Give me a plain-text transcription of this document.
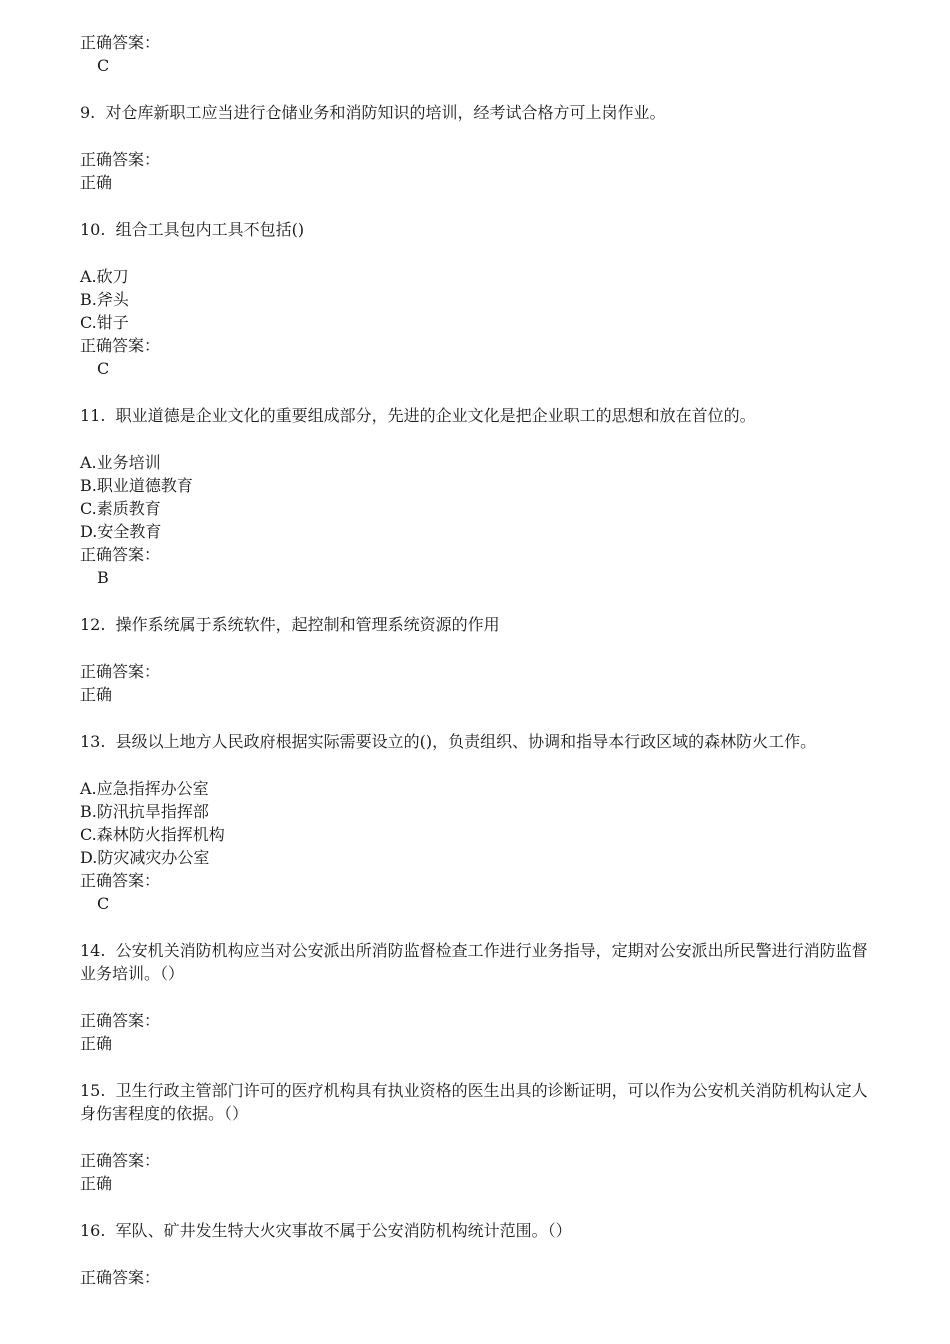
正确答案：
C
9. 对仓库新职工应当进行仓储业务和消防知识的培训，经考试合格方可上岗作业。
正确答案：
正确
10. 组合工具包内工具不包括()
A.砍刀
B.斧头
C.钳子
正确答案：
C
11. 职业道德是企业文化的重要组成部分，先进的企业文化是把企业职工的思想和放在首位的。
A.业务培训
B.职业道德教育
C.素质教育
D.安全教育
正确答案：
B
12. 操作系统属于系统软件，起控制和管理系统资源的作用
正确答案：
正确
13. 县级以上地方人民政府根据实际需要设立的()，负责组织、协调和指导本行政区域的森林防火工作。
A.应急指挥办公室
B.防汛抗旱指挥部
C.森林防火指挥机构
D.防灾减灾办公室
正确答案：
C
14. 公安机关消防机构应当对公安派出所消防监督检查工作进行业务指导，定期对公安派出所民警进行消防监督业务培训。（）
正确答案：
正确
15. 卫生行政主管部门许可的医疗机构具有执业资格的医生出具的诊断证明，可以作为公安机关消防机构认定人身伤害程度的依据。（）
正确答案：
正确
16. 军队、矿井发生特大火灾事故不属于公安消防机构统计范围。（）
正确答案：
